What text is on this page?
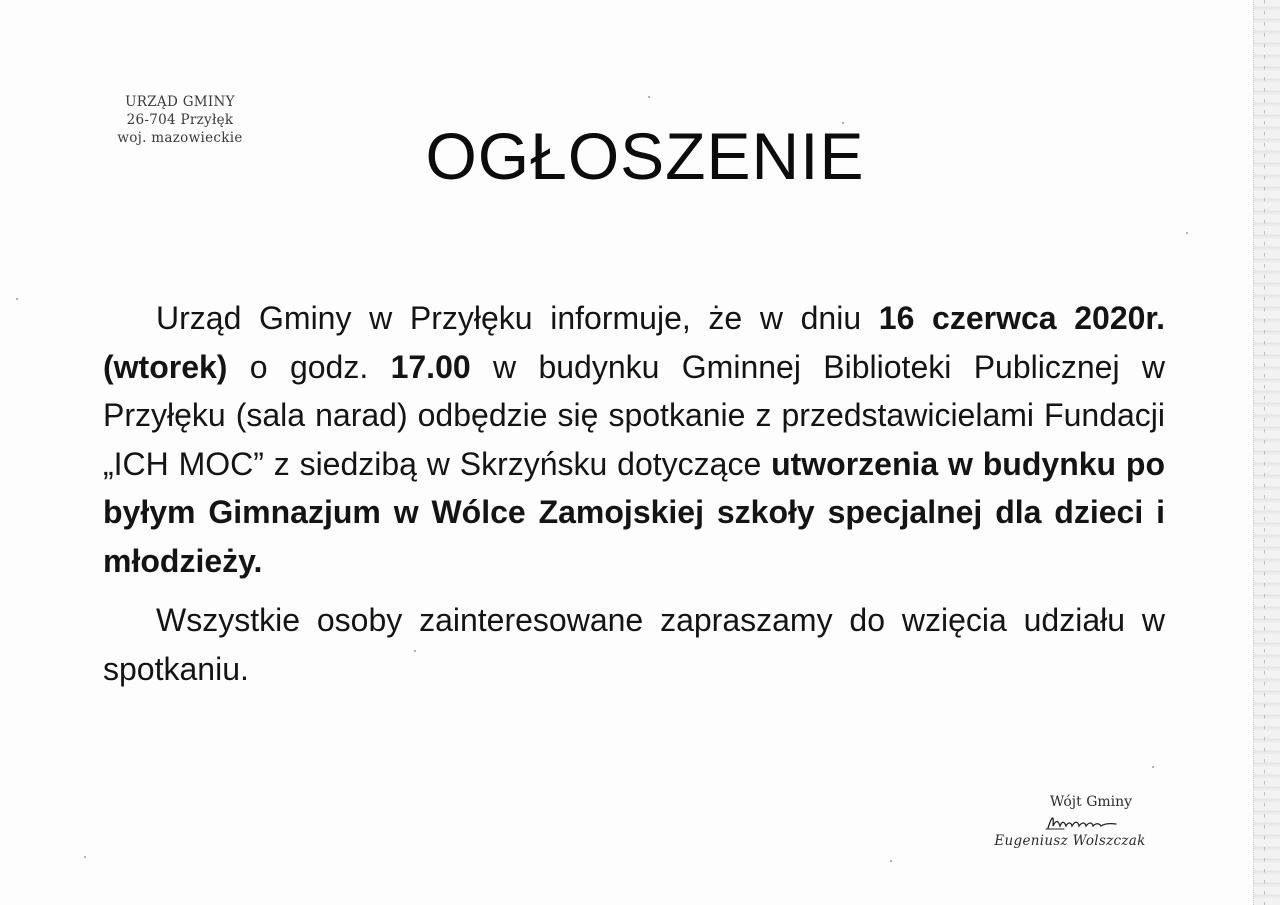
URZĄD GMINY
26-704 Przyłęk
woj. mazowieckie	OGŁOSZENIE

Urząd Gminy w Przyłęku informuje, że w dniu 16 czerwca 2020r.(wtorek) o godz. 17.00 w budynku Gminnej Biblioteki Publicznej w Przyłęku (sala narad) odbędzie się spotkanie z przedstawicielami Fundacji „ICH MOC” z siedzibą w Skrzyńsku dotyczące utworzenia w budynku po byłym Gimnazjum w Wólce Zamojskiej szkoły specjalnej dla dzieci i młodzieży.

Wszystkie osoby zainteresowane zapraszamy do wzięcia udziału w spotkaniu.

Wójt Gminy
Eugeniusz Wolszczak
